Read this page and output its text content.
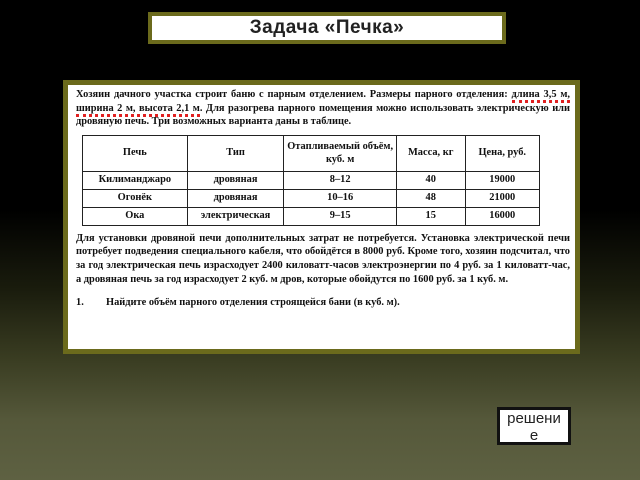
Задача «Печка»

Хозяин дачного участка строит баню с парным отделением. Размеры парного отделения: длина 3,5 м, ширина 2 м, высота 2,1 м. Для разогрева парного помещения можно использовать электрическую или дровяную печь. Три возможных варианта даны в таблице.

Печь	Тип	Отапливаемый объём, куб. м	Масса, кг	Цена, руб.
Килиманджаро	дровяная	8–12	40	19000
Огонёк	дровяная	10–16	48	21000
Ока	электрическая	9–15	15	16000

Для установки дровяной печи дополнительных затрат не потребуется. Установка электрической печи потребует подведения специального кабеля, что обойдётся в 8000 руб. Кроме того, хозяин подсчитал, что за год электрическая печь израсходует 2400 киловатт-часов электроэнергии по 4 руб. за 1 киловатт-час, а дровяная печь за год израсходует 2 куб. м дров, которые обойдутся по 1600 руб. за 1 куб. м.

1.	Найдите объём парного отделения строящейся бани (в куб. м).
решение
